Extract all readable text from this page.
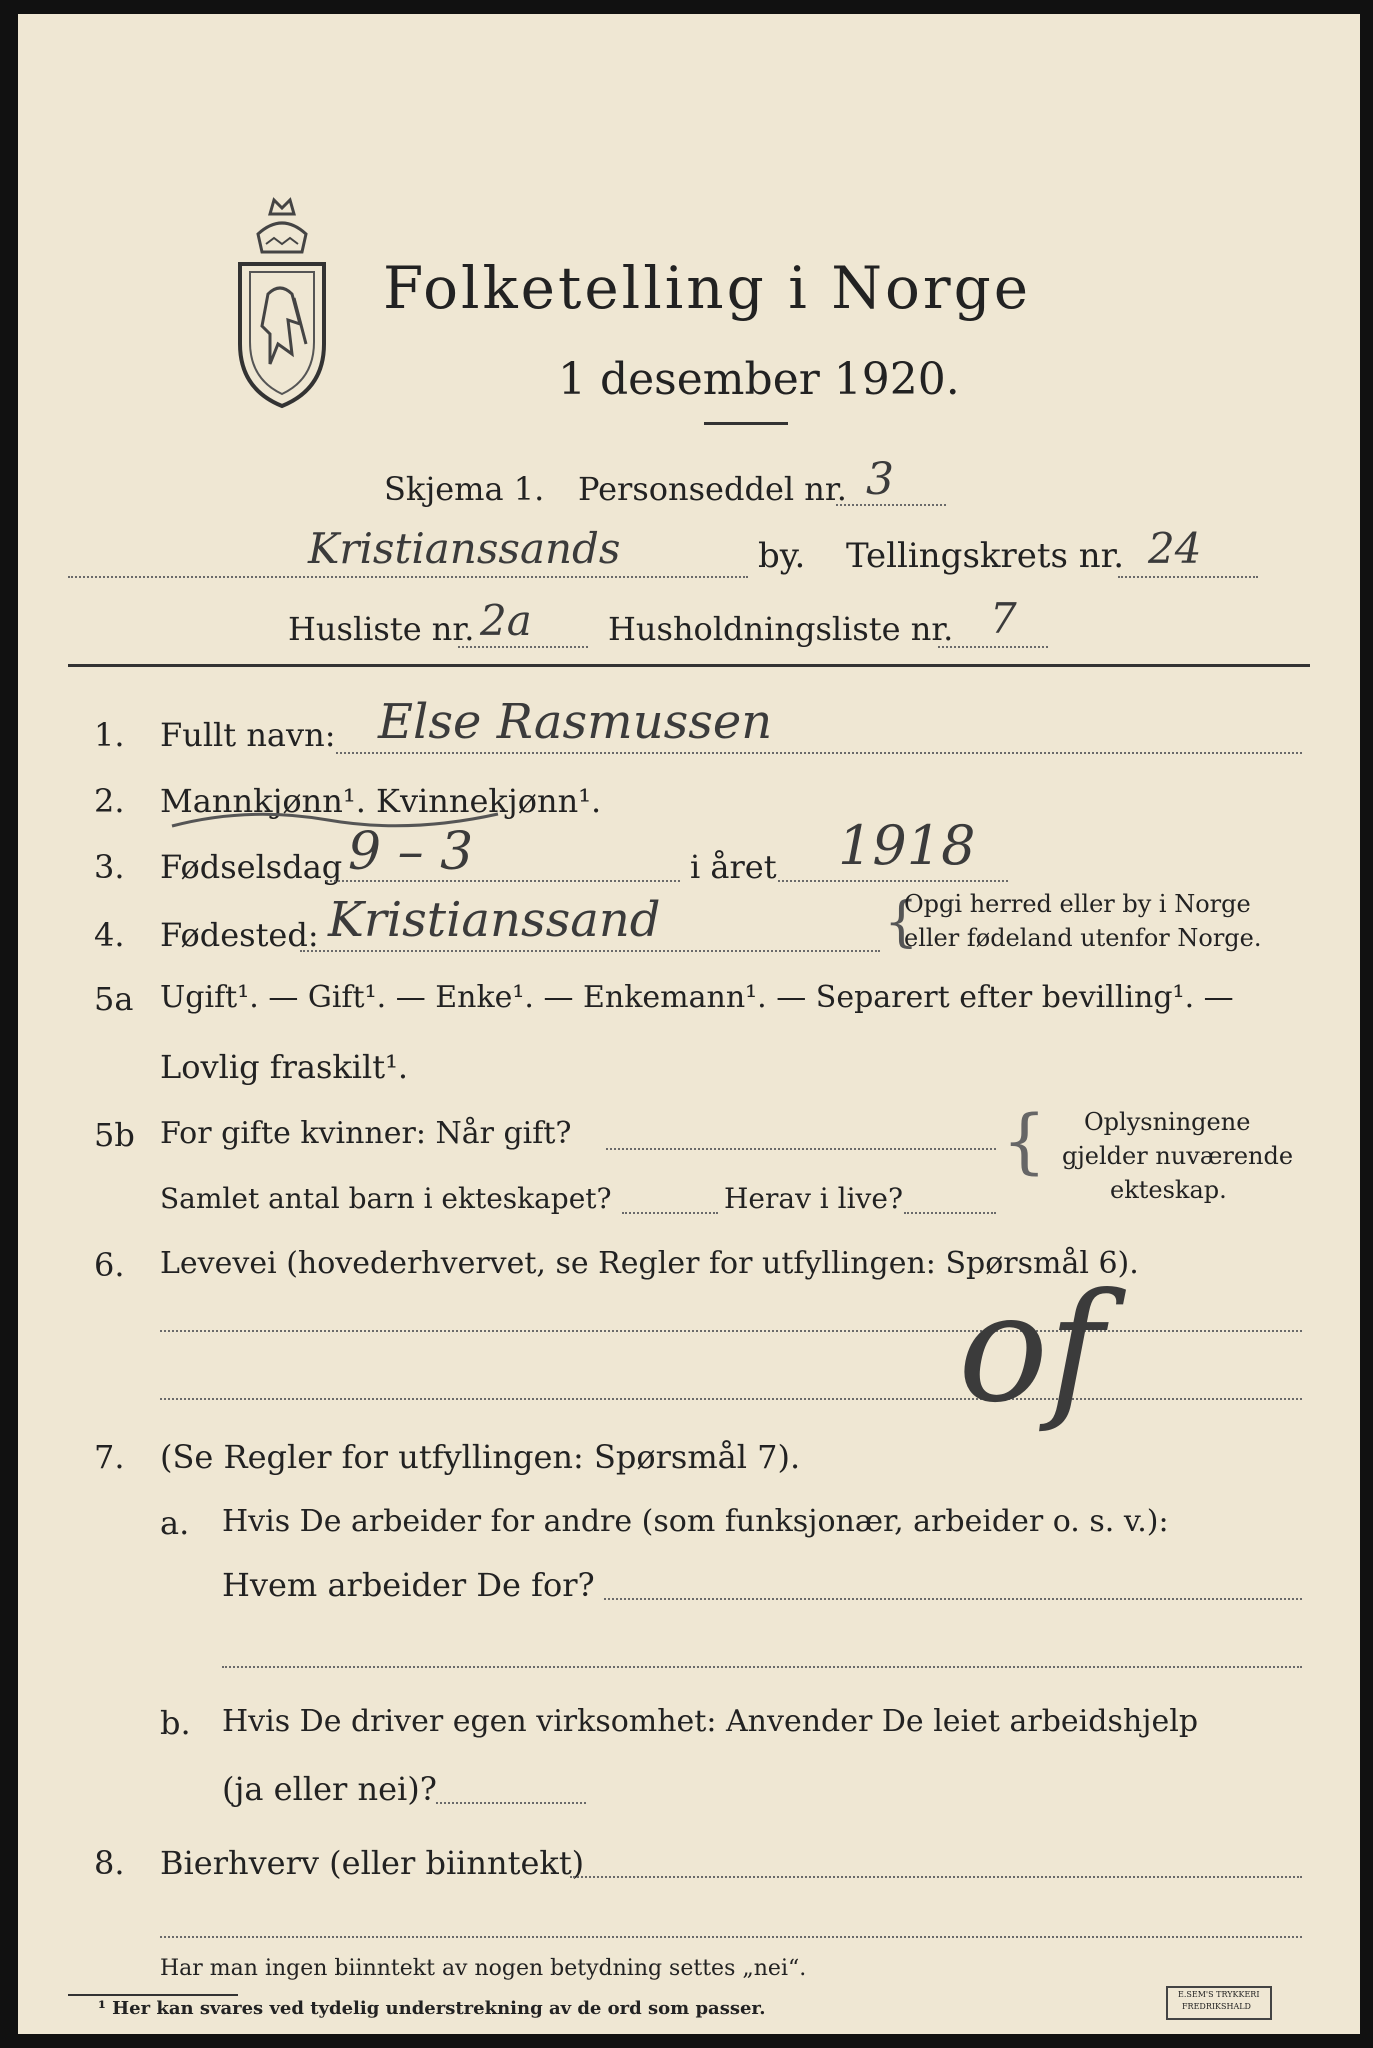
Folketelling i Norge
1 desember 1920.
Skjema 1. Personseddel nr. 3
Kristianssands	by. Tellingskrets nr. 24
Husliste nr. 2a Husholdningsliste nr. 7
1. Fullt navn: Else Rasmussen
2. Mannkjønn¹. Kvinnekjønn¹.
3. Fødselsdag 9 – 3	i året 1918
4. Fødested: Kristianssand	{
Opgi herred eller by i Norge
eller fødeland utenfor Norge.
5a Ugift¹. — Gift¹. — Enke¹. — Enkemann¹. — Separert efter bevilling¹. —
Lovlig fraskilt¹.
5b For gifte kvinner: Når gift?
Samlet antal barn i ekteskapet?	Herav i live?
{ Oplysningene
gjelder nuværende
ekteskap.
6. Levevei (hovederhvervet, se Regler for utfyllingen: Spørsmål 6).
of
7. (Se Regler for utfyllingen: Spørsmål 7).
a. Hvis De arbeider for andre (som funksjonær, arbeider o. s. v.):
Hvem arbeider De for?
b. Hvis De driver egen virksomhet: Anvender De leiet arbeidshjelp
(ja eller nei)?
8. Bierhverv (eller biinntekt)
Har man ingen biinntekt av nogen betydning settes „nei“.
¹ Her kan svares ved tydelig understrekning av de ord som passer.
E.SEM'S TRYKKERI
FREDRIKSHALD
